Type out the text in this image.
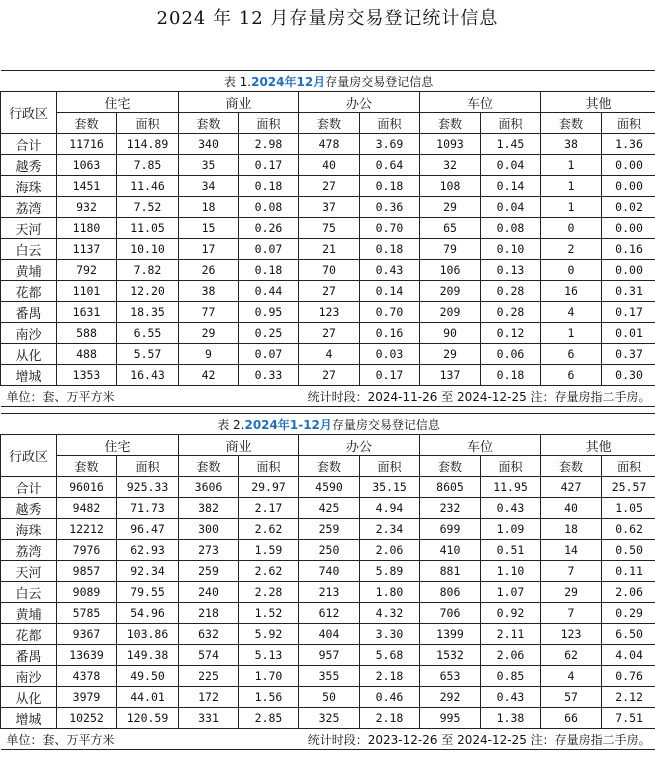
2024 年 12 月存量房交易登记统计信息
表 1.2024年12月存量房交易登记信息										
行政区	住宅		商业		办公		车位		其他	
	套数	面积	套数	面积	套数	面积	套数	面积	套数	面积
合计	11716	114.89	340	2.98	478	3.69	1093	1.45	38	1.36
越秀	1063	7.85	35	0.17	40	0.64	32	0.04	1	0.00
海珠	1451	11.46	34	0.18	27	0.18	108	0.14	1	0.00
荔湾	932	7.52	18	0.08	37	0.36	29	0.04	1	0.02
天河	1180	11.05	15	0.26	75	0.70	65	0.08	0	0.00
白云	1137	10.10	17	0.07	21	0.18	79	0.10	2	0.16
黄埔	792	7.82	26	0.18	70	0.43	106	0.13	0	0.00
花都	1101	12.20	38	0.44	27	0.14	209	0.28	16	0.31
番禺	1631	18.35	77	0.95	123	0.70	209	0.28	4	0.17
南沙	588	6.55	29	0.25	27	0.16	90	0.12	1	0.01
从化	488	5.57	9	0.07	4	0.03	29	0.06	6	0.37
增城	1353	16.43	42	0.33	27	0.17	137	0.18	6	0.30
单位：套、万平方米 统计时段：2024-11-26 至 2024-12-25 注：存量房指二手房。										
表 2.2024年1-12月存量房交易登记信息										
行政区	住宅		商业		办公		车位		其他	
	套数	面积	套数	面积	套数	面积	套数	面积	套数	面积
合计	96016	925.33	3606	29.97	4590	35.15	8605	11.95	427	25.57
越秀	9482	71.73	382	2.17	425	4.94	232	0.43	40	1.05
海珠	12212	96.47	300	2.62	259	2.34	699	1.09	18	0.62
荔湾	7976	62.93	273	1.59	250	2.06	410	0.51	14	0.50
天河	9857	92.34	259	2.62	740	5.89	881	1.10	7	0.11
白云	9089	79.55	240	2.28	213	1.80	806	1.07	29	2.06
黄埔	5785	54.96	218	1.52	612	4.32	706	0.92	7	0.29
花都	9367	103.86	632	5.92	404	3.30	1399	2.11	123	6.50
番禺	13639	149.38	574	5.13	957	5.68	1532	2.06	62	4.04
南沙	4378	49.50	225	1.70	355	2.18	653	0.85	4	0.76
从化	3979	44.01	172	1.56	50	0.46	292	0.43	57	2.12
增城	10252	120.59	331	2.85	325	2.18	995	1.38	66	7.51
单位：套、万平方米 统计时段：2023-12-26 至 2024-12-25 注：存量房指二手房。										
